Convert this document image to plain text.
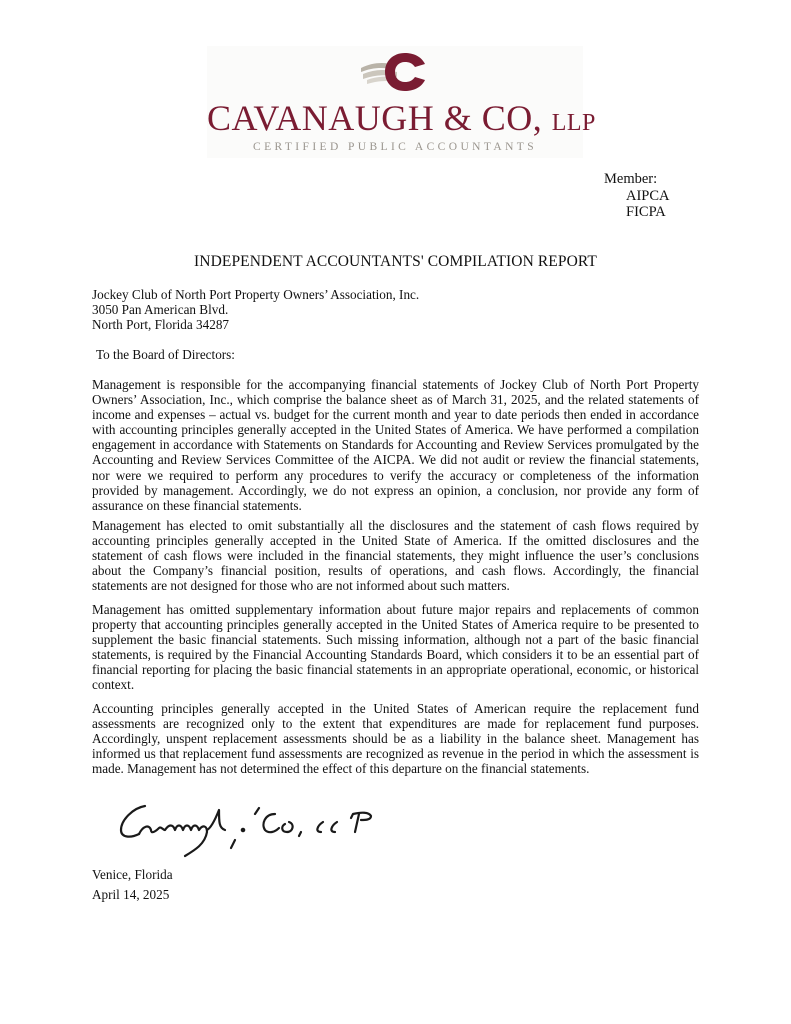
CAVANAUGH & CO, LLP
CERTIFIED PUBLIC ACCOUNTANTS
Member:
AIPCA
FICPA
INDEPENDENT ACCOUNTANTS' COMPILATION REPORT
Jockey Club of North Port Property Owners’ Association, Inc.
3050 Pan American Blvd.
North Port, Florida 34287
To the Board of Directors:

Management is responsible for the accompanying financial statements of Jockey Club of North Port Property Owners’ Association, Inc., which comprise the balance sheet as of March 31, 2025, and the related statements of income and expenses – actual vs. budget for the current month and year to date periods then ended in accordance with accounting principles generally accepted in the United States of America. We have performed a compilation engagement in accordance with Statements on Standards for Accounting and Review Services promulgated by the Accounting and Review Services Committee of the AICPA. We did not audit or review the financial statements, nor were we required to perform any procedures to verify the accuracy or completeness of the information provided by management. Accordingly, we do not express an opinion, a conclusion, nor provide any form of assurance on these financial statements.

Management has elected to omit substantially all the disclosures and the statement of cash flows required by accounting principles generally accepted in the United State of America. If the omitted disclosures and the statement of cash flows were included in the financial statements, they might influence the user’s conclusions about the Company’s financial position, results of operations, and cash flows. Accordingly, the financial statements are not designed for those who are not informed about such matters.

Management has omitted supplementary information about future major repairs and replacements of common property that accounting principles generally accepted in the United States of America require to be presented to supplement the basic financial statements. Such missing information, although not a part of the basic financial statements, is required by the Financial Accounting Standards Board, which considers it to be an essential part of financial reporting for placing the basic financial statements in an appropriate operational, economic, or historical context.

Accounting principles generally accepted in the United States of American require the replacement fund assessments are recognized only to the extent that expenditures are made for replacement fund purposes. Accordingly, unspent replacement assessments should be as a liability in the balance sheet. Management has informed us that replacement fund assessments are recognized as revenue in the period in which the assessment is made. Management has not determined the effect of this departure on the financial statements.

Venice, Florida
April 14, 2025
